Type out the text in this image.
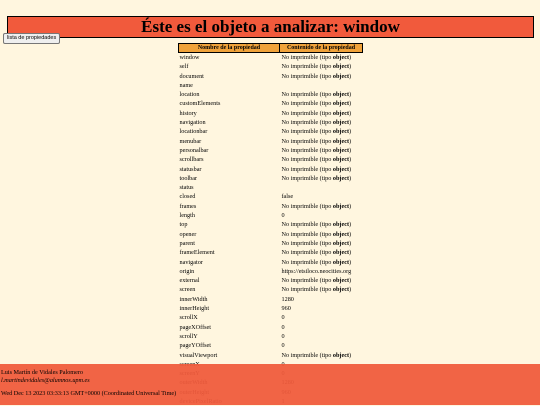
Éste es el objeto a analizar: window
lista de propiedades
Nombre de la propiedad	Contenido de la propiedad
window	No imprimible (tipo object)
self	No imprimible (tipo object)
document	No imprimible (tipo object)
name	
location	No imprimible (tipo object)
customElements	No imprimible (tipo object)
history	No imprimible (tipo object)
navigation	No imprimible (tipo object)
locationbar	No imprimible (tipo object)
menubar	No imprimible (tipo object)
personalbar	No imprimible (tipo object)
scrollbars	No imprimible (tipo object)
statusbar	No imprimible (tipo object)
toolbar	No imprimible (tipo object)
status	
closed	false
frames	No imprimible (tipo object)
length	0
top	No imprimible (tipo object)
opener	No imprimible (tipo object)
parent	No imprimible (tipo object)
frameElement	No imprimible (tipo object)
navigator	No imprimible (tipo object)
origin	https://etsiloco.neocities.org
external	No imprimible (tipo object)
screen	No imprimible (tipo object)
innerWidth	1280
innerHeight	960
scrollX	0
pageXOffset	0
scrollY	0
pageYOffset	0
visualViewport	No imprimible (tipo object)

Luis Martín de Vidales Palomero
l.martindevidales@alumnos.upm.es
Wed Dec 13 2023 03:33:13 GMT+0000 (Coordinated Universal Time)
